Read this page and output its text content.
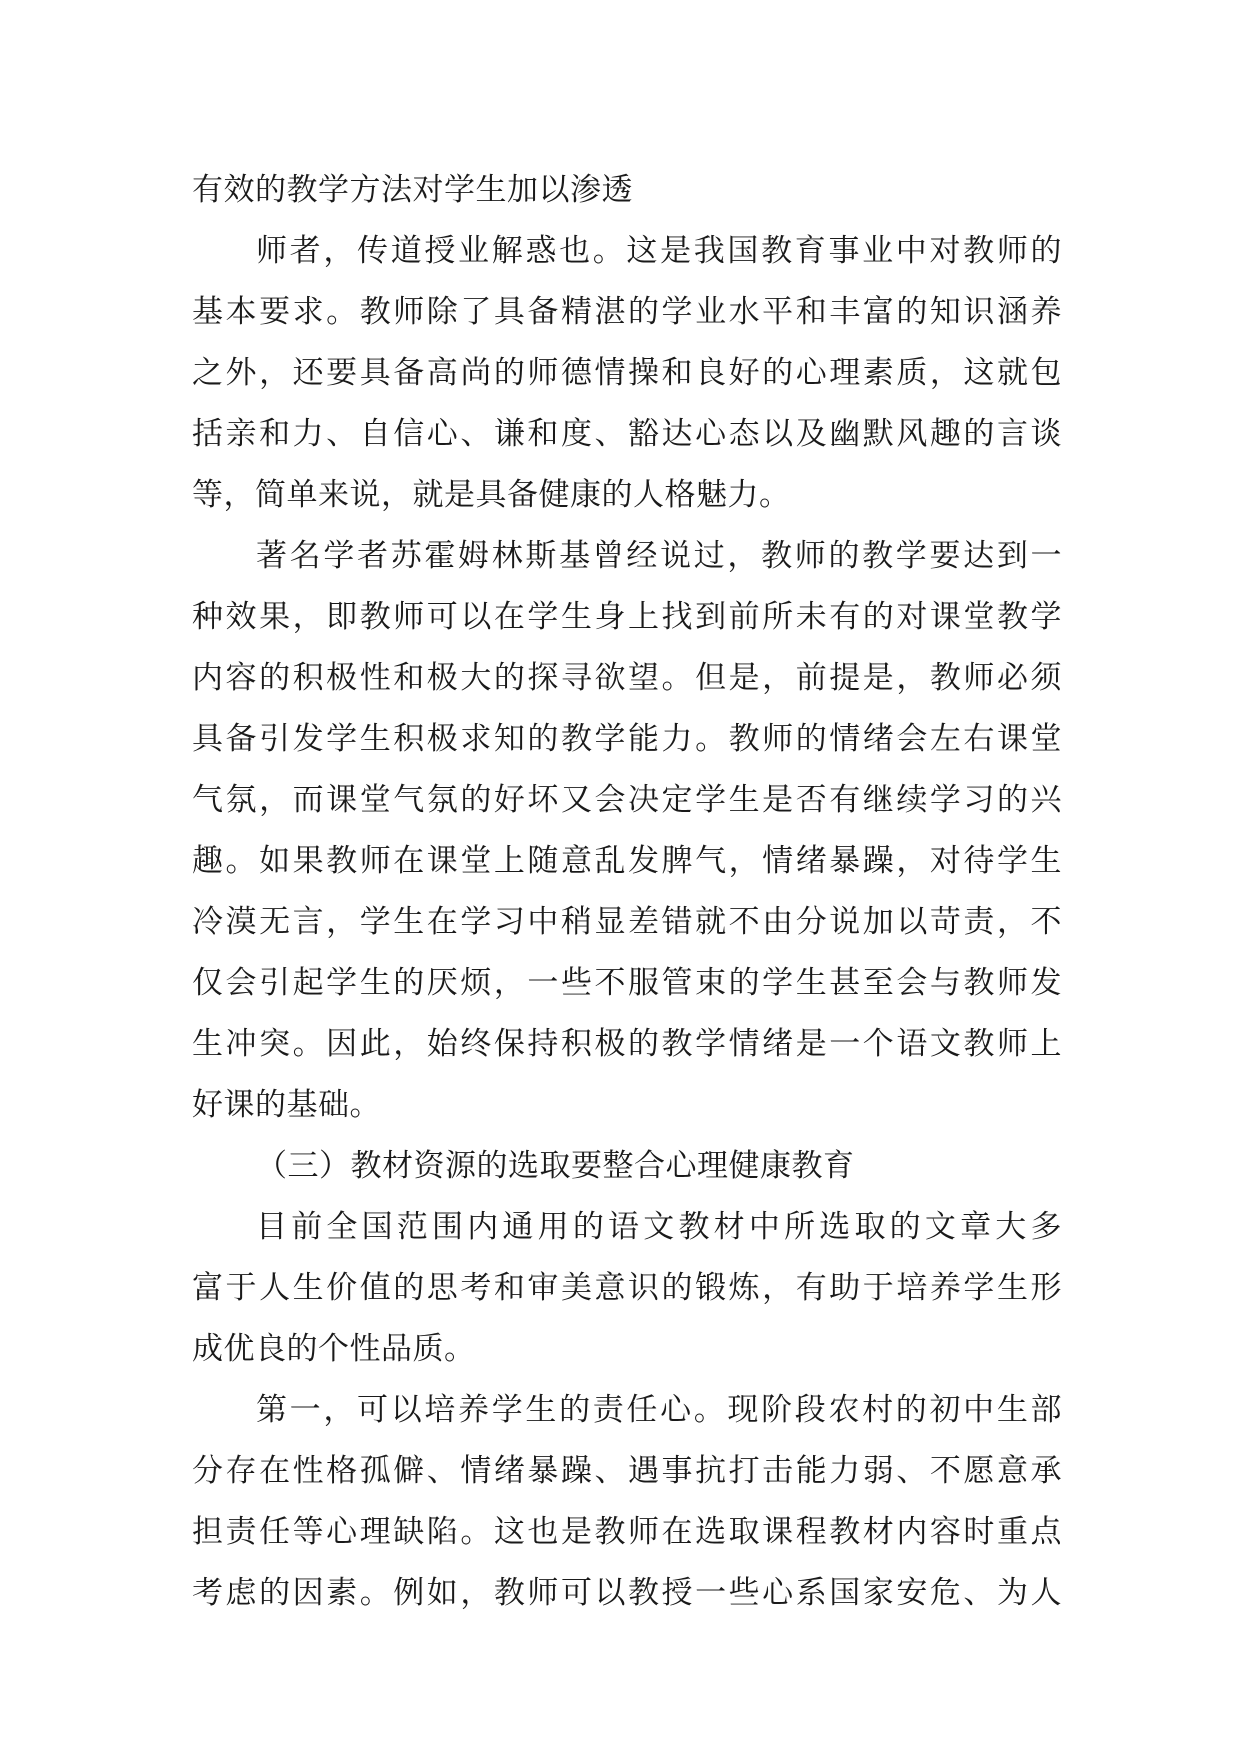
有效的教学方法对学生加以渗透
师者，传道授业解惑也。这是我国教育事业中对教师的
基本要求。教师除了具备精湛的学业水平和丰富的知识涵养
之外，还要具备高尚的师德情操和良好的心理素质，这就包
括亲和力、自信心、谦和度、豁达心态以及幽默风趣的言谈
等，简单来说，就是具备健康的人格魅力。
著名学者苏霍姆林斯基曾经说过，教师的教学要达到一
种效果，即教师可以在学生身上找到前所未有的对课堂教学
内容的积极性和极大的探寻欲望。但是，前提是，教师必须
具备引发学生积极求知的教学能力。教师的情绪会左右课堂
气氛，而课堂气氛的好坏又会决定学生是否有继续学习的兴
趣。如果教师在课堂上随意乱发脾气，情绪暴躁，对待学生
冷漠无言，学生在学习中稍显差错就不由分说加以苛责，不
仅会引起学生的厌烦，一些不服管束的学生甚至会与教师发
生冲突。因此，始终保持积极的教学情绪是一个语文教师上
好课的基础。
（三）教材资源的选取要整合心理健康教育
目前全国范围内通用的语文教材中所选取的文章大多
富于人生价值的思考和审美意识的锻炼，有助于培养学生形
成优良的个性品质。
第一，可以培养学生的责任心。现阶段农村的初中生部
分存在性格孤僻、情绪暴躁、遇事抗打击能力弱、不愿意承
担责任等心理缺陷。这也是教师在选取课程教材内容时重点
考虑的因素。例如，教师可以教授一些心系国家安危、为人
